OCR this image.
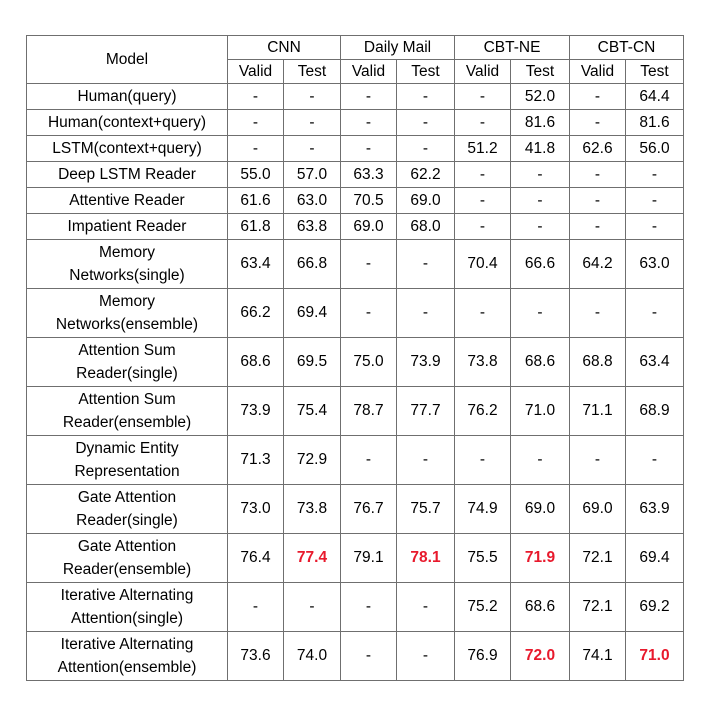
Model	CNN		Daily Mail		CBT-NE		CBT-CN	
	Valid	Test	Valid	Test	Valid	Test	Valid	Test
Human(query)	-	-	-	-	-	52.0	-	64.4
Human(context+query)	-	-	-	-	-	81.6	-	81.6
LSTM(context+query)	-	-	-	-	51.2	41.8	62.6	56.0
Deep LSTM Reader	55.0	57.0	63.3	62.2	-	-	-	-
Attentive Reader	61.6	63.0	70.5	69.0	-	-	-	-
Impatient Reader	61.8	63.8	69.0	68.0	-	-	-	-
Memory
Networks(single)	63.4	66.8	-	-	70.4	66.6	64.2	63.0
Memory
Networks(ensemble)	66.2	69.4	-	-	-	-	-	-
Attention Sum
Reader(single)	68.6	69.5	75.0	73.9	73.8	68.6	68.8	63.4
Attention Sum
Reader(ensemble)	73.9	75.4	78.7	77.7	76.2	71.0	71.1	68.9
Dynamic Entity
Representation	71.3	72.9	-	-	-	-	-	-
Gate Attention
Reader(single)	73.0	73.8	76.7	75.7	74.9	69.0	69.0	63.9
Gate Attention
Reader(ensemble)	76.4	77.4	79.1	78.1	75.5	71.9	72.1	69.4
Iterative Alternating
Attention(single)	-	-	-	-	75.2	68.6	72.1	69.2
Iterative Alternating
Attention(ensemble)	73.6	74.0	-	-	76.9	72.0	74.1	71.0
